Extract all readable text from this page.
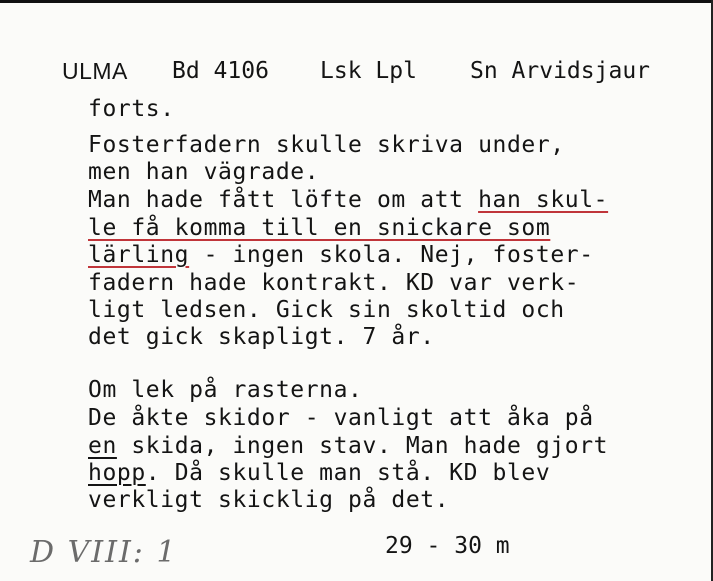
ULMA Bd 4106 Lsk Lpl Sn Arvidsjaur
forts.
Fosterfadern skulle skriva under,
men han vägrade.
Man hade fått löfte om att han skul-
le få komma till en snickare som
lärling - ingen skola. Nej, foster-
fadern hade kontrakt. KD var verk-
ligt ledsen. Gick sin skoltid och
det gick skapligt. 7 år.
Om lek på rasterna.
De åkte skidor - vanligt att åka på
en skida, ingen stav. Man hade gjort
hopp. Då skulle man stå. KD blev
verkligt skicklig på det.
29 - 30 m
D VIII: 1
